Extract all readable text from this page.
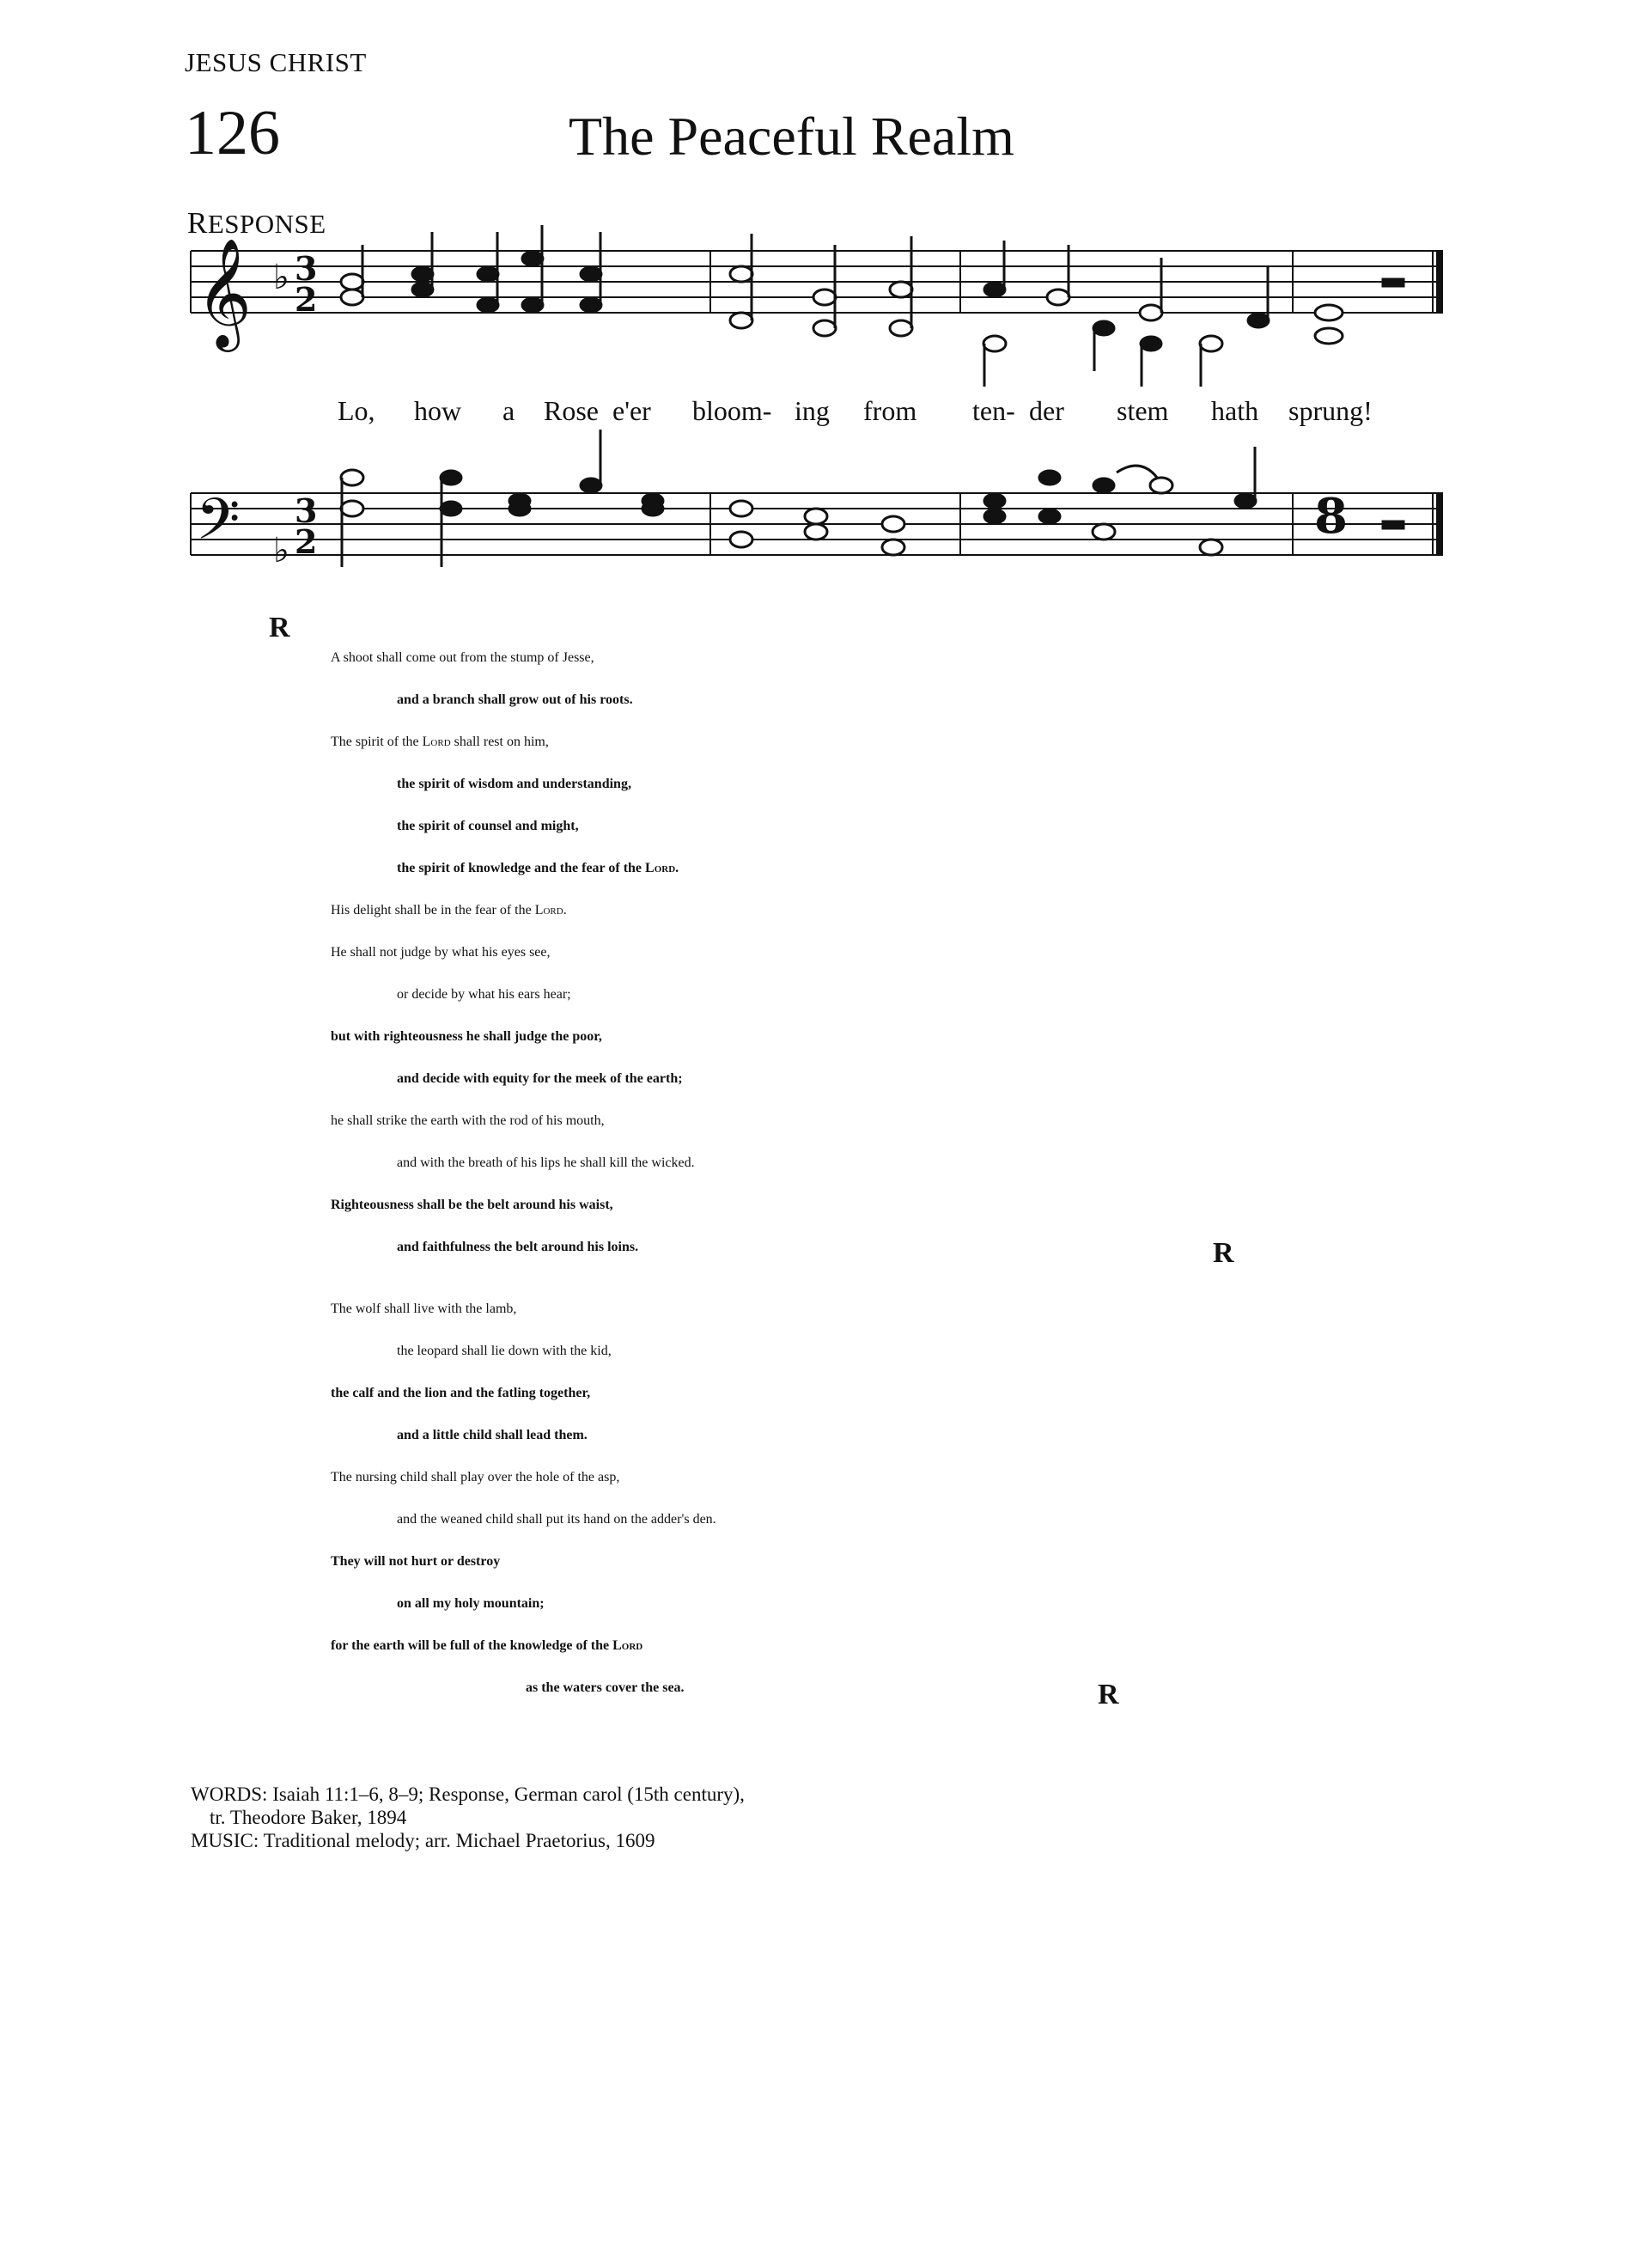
JESUS CHRIST
126	The Peaceful Realm
RESPONSE
𝄞
𝄢
♭
♭
3
2
3
2	8
Lo, how a Rose e'er bloom- ing from ten- der stem hath sprung!
R
R
R
A shoot shall come out from the stump of Jesse,
and a branch shall grow out of his roots.
The spirit of the Lord shall rest on him,
the spirit of wisdom and understanding,
the spirit of counsel and might,
the spirit of knowledge and the fear of the Lord.
His delight shall be in the fear of the Lord.
He shall not judge by what his eyes see,
or decide by what his ears hear;
but with righteousness he shall judge the poor,
and decide with equity for the meek of the earth;
he shall strike the earth with the rod of his mouth,
and with the breath of his lips he shall kill the wicked.
Righteousness shall be the belt around his waist,
and faithfulness the belt around his loins.
The wolf shall live with the lamb,
the leopard shall lie down with the kid,
the calf and the lion and the fatling together,
and a little child shall lead them.
The nursing child shall play over the hole of the asp,
and the weaned child shall put its hand on the adder's den.
They will not hurt or destroy
on all my holy mountain;
for the earth will be full of the knowledge of the Lord
as the waters cover the sea.
WORDS: Isaiah 11:1–6, 8–9; Response, German carol (15th century),
tr. Theodore Baker, 1894
MUSIC: Traditional melody; arr. Michael Praetorius, 1609
